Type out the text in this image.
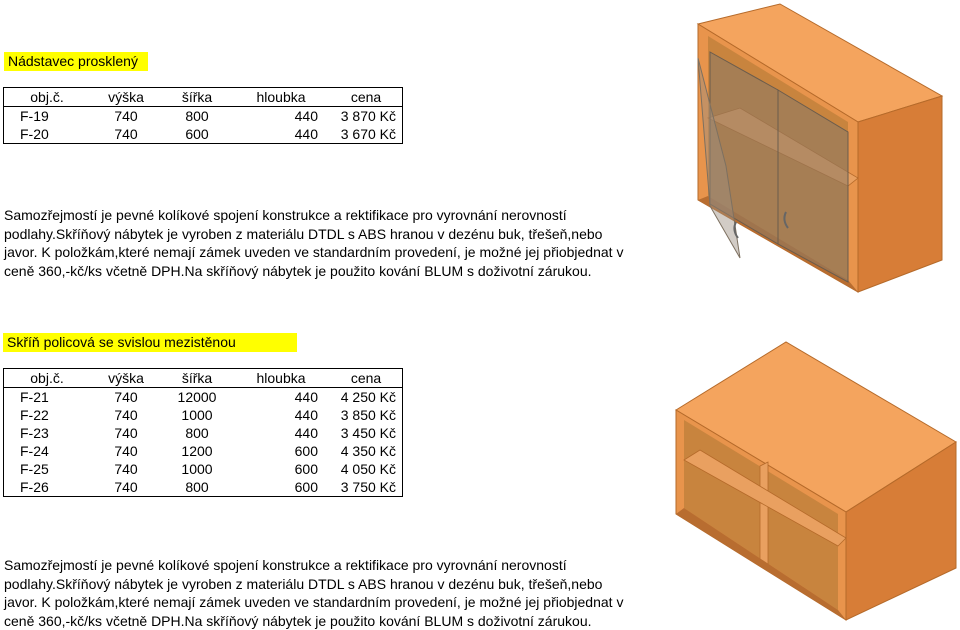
Nádstavec prosklený
obj.č.	výška	šířka	hloubka	cena
F-19	740	800	440	3 870 Kč
F-20	740	600	440	3 670 Kč
Samozřejmostí je pevné kolíkové spojení konstrukce a rektifikace pro vyrovnání nerovností
podlahy.Skříňový nábytek je vyroben z materiálu DTDL s ABS hranou v dezénu buk, třešeň,nebo
javor. K položkám,které nemají zámek uveden ve standardním provedení, je možné jej přiobjednat v
ceně 360,-kč/ks včetně DPH.Na skříňový nábytek je použito kování BLUM s doživotní zárukou.
Skříň policová se svislou mezistěnou
obj.č.	výška	šířka	hloubka	cena
F-21	740	12000	440	4 250 Kč
F-22	740	1000	440	3 850 Kč
F-23	740	800	440	3 450 Kč
F-24	740	1200	600	4 350 Kč
F-25	740	1000	600	4 050 Kč
F-26	740	800	600	3 750 Kč
Samozřejmostí je pevné kolíkové spojení konstrukce a rektifikace pro vyrovnání nerovností
podlahy.Skříňový nábytek je vyroben z materiálu DTDL s ABS hranou v dezénu buk, třešeň,nebo
javor. K položkám,které nemají zámek uveden ve standardním provedení, je možné jej přiobjednat v
ceně 360,-kč/ks včetně DPH.Na skříňový nábytek je použito kování BLUM s doživotní zárukou.
